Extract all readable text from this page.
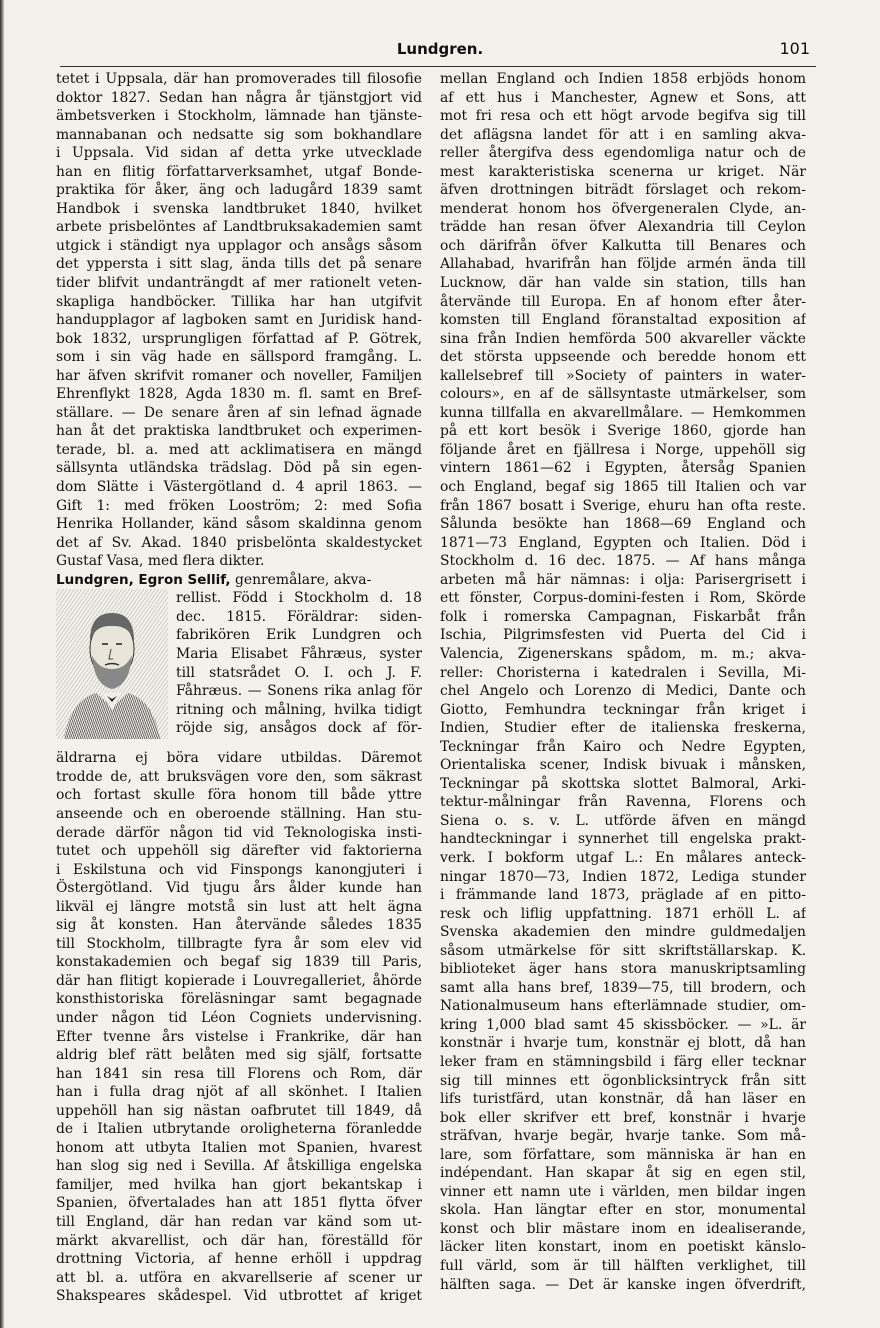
Lundgren.	101
tetet i Uppsala, där han promoverades till filosofie
doktor 1827. Sedan han några år tjänstgjort vid
ämbetsverken i Stockholm, lämnade han tjänste-
mannabanan och nedsatte sig som bokhandlare
i Uppsala. Vid sidan af detta yrke utvecklade
han en flitig författarverksamhet, utgaf Bonde-
praktika för åker, äng och ladugård 1839 samt
Handbok i svenska landtbruket 1840, hvilket
arbete prisbelöntes af Landtbruksakademien samt
utgick i ständigt nya upplagor och ansågs såsom
det yppersta i sitt slag, ända tills det på senare
tider blifvit undanträngdt af mer rationelt veten-
skapliga handböcker. Tillika har han utgifvit
handupplagor af lagboken samt en Juridisk hand-
bok 1832, ursprungligen författad af P. Götrek,
som i sin väg hade en sällspord framgång. L.
har äfven skrifvit romaner och noveller, Familjen
Ehrenflykt 1828, Agda 1830 m. fl. samt en Bref-
ställare. — De senare åren af sin lefnad ägnade
han åt det praktiska landtbruket och experimen-
terade, bl. a. med att acklimatisera en mängd
sällsynta utländska trädslag. Död på sin egen-
dom Slätte i Västergötland d. 4 april 1863. —
Gift 1: med fröken Looström; 2: med Sofia
Henrika Hollander, känd såsom skaldinna genom
det af Sv. Akad. 1840 prisbelönta skaldestycket
Gustaf Vasa, med flera dikter.
Lundgren, Egron Sellif, genremålare, akva-
rellist. Född i Stockholm d. 18
dec. 1815. Föräldrar: siden-
fabrikören Erik Lundgren och
Maria Elisabet Fåhræus, syster
till statsrådet O. I. och J. F.
Fåhræus. — Sonens rika anlag för
ritning och målning, hvilka tidigt
röjde sig, ansågos dock af för-
äldrarna ej böra vidare utbildas. Däremot
trodde de, att bruksvägen vore den, som säkrast
och fortast skulle föra honom till både yttre
anseende och en oberoende ställning. Han stu-
derade därför någon tid vid Teknologiska insti-
tutet och uppehöll sig därefter vid faktorierna
i Eskilstuna och vid Finspongs kanongjuteri i
Östergötland. Vid tjugu års ålder kunde han
likväl ej längre motstå sin lust att helt ägna
sig åt konsten. Han återvände således 1835
till Stockholm, tillbragte fyra år som elev vid
konstakademien och begaf sig 1839 till Paris,
där han flitigt kopierade i Louvregalleriet, åhörde
konsthistoriska föreläsningar samt begagnade
under någon tid Léon Cogniets undervisning.
Efter tvenne års vistelse i Frankrike, där han
aldrig blef rätt belåten med sig själf, fortsatte
han 1841 sin resa till Florens och Rom, där
han i fulla drag njöt af all skönhet. I Italien
uppehöll han sig nästan oafbrutet till 1849, då
de i Italien utbrytande oroligheterna föranledde
honom att utbyta Italien mot Spanien, hvarest
han slog sig ned i Sevilla. Af åtskilliga engelska
familjer, med hvilka han gjort bekantskap i
Spanien, öfvertalades han att 1851 flytta öfver
till England, där han redan var känd som ut-
märkt akvarellist, och där han, föreställd för
drottning Victoria, af henne erhöll i uppdrag
att bl. a. utföra en akvarellserie af scener ur
Shakspeares skådespel. Vid utbrottet af kriget
mellan England och Indien 1858 erbjöds honom
af ett hus i Manchester, Agnew et Sons, att
mot fri resa och ett högt arvode begifva sig till
det aflägsna landet för att i en samling akva-
reller återgifva dess egendomliga natur och de
mest karakteristiska scenerna ur kriget. När
äfven drottningen biträdt förslaget och rekom-
menderat honom hos öfvergeneralen Clyde, an-
trädde han resan öfver Alexandria till Ceylon
och därifrån öfver Kalkutta till Benares och
Allahabad, hvarifrån han följde armén ända till
Lucknow, där han valde sin station, tills han
återvände till Europa. En af honom efter åter-
komsten till England föranstaltad exposition af
sina från Indien hemförda 500 akvareller väckte
det största uppseende och beredde honom ett
kallelsebref till »Society of painters in water-
colours», en af de sällsyntaste utmärkelser, som
kunna tillfalla en akvarellmålare. — Hemkommen
på ett kort besök i Sverige 1860, gjorde han
följande året en fjällresa i Norge, uppehöll sig
vintern 1861—62 i Egypten, återsåg Spanien
och England, begaf sig 1865 till Italien och var
från 1867 bosatt i Sverige, ehuru han ofta reste.
Sålunda besökte han 1868—69 England och
1871—73 England, Egypten och Italien. Död i
Stockholm d. 16 dec. 1875. — Af hans många
arbeten må här nämnas: i olja: Parisergrisett i
ett fönster, Corpus-domini-festen i Rom, Skörde
folk i romerska Campagnan, Fiskarbåt från
Ischia, Pilgrimsfesten vid Puerta del Cid i
Valencia, Zigenerskans spådom, m. m.; akva-
reller: Choristerna i katedralen i Sevilla, Mi-
chel Angelo och Lorenzo di Medici, Dante och
Giotto, Femhundra teckningar från kriget i
Indien, Studier efter de italienska freskerna,
Teckningar från Kairo och Nedre Egypten,
Orientaliska scener, Indisk bivuak i månsken,
Teckningar på skottska slottet Balmoral, Arki-
tektur-målningar från Ravenna, Florens och
Siena o. s. v. L. utförde äfven en mängd
handteckningar i synnerhet till engelska prakt-
verk. I bokform utgaf L.: En målares anteck-
ningar 1870—73, Indien 1872, Lediga stunder
i främmande land 1873, präglade af en pitto-
resk och liflig uppfattning. 1871 erhöll L. af
Svenska akademien den mindre guldmedaljen
såsom utmärkelse för sitt skriftställarskap. K.
biblioteket äger hans stora manuskriptsamling
samt alla hans bref, 1839—75, till brodern, och
Nationalmuseum hans efterlämnade studier, om-
kring 1,000 blad samt 45 skissböcker. — »L. är
konstnär i hvarje tum, konstnär ej blott, då han
leker fram en stämningsbild i färg eller tecknar
sig till minnes ett ögonblicksintryck från sitt
lifs turistfärd, utan konstnär, då han läser en
bok eller skrifver ett bref, konstnär i hvarje
sträfvan, hvarje begär, hvarje tanke. Som må-
lare, som författare, som människa är han en
indépendant. Han skapar åt sig en egen stil,
vinner ett namn ute i världen, men bildar ingen
skola. Han längtar efter en stor, monumental
konst och blir mästare inom en idealiserande,
läcker liten konstart, inom en poetiskt känslo-
full värld, som är till hälften verklighet, till
hälften saga. — Det är kanske ingen öfverdrift,
